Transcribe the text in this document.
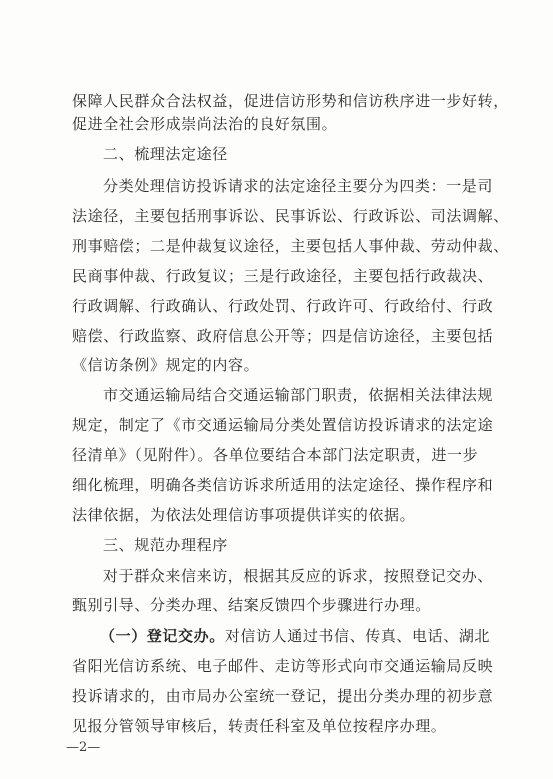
保障人民群众合法权益，促进信访形势和信访秩序进一步好转，
促进全社会形成崇尚法治的良好氛围。
二、梳理法定途径
分类处理信访投诉请求的法定途径主要分为四类：一是司
法途径，主要包括刑事诉讼、民事诉讼、行政诉讼、司法调解、
刑事赔偿；二是仲裁复议途径，主要包括人事仲裁、劳动仲裁、
民商事仲裁、行政复议；三是行政途径，主要包括行政裁决、
行政调解、行政确认、行政处罚、行政许可、行政给付、行政
赔偿、行政监察、政府信息公开等；四是信访途径，主要包括
《信访条例》规定的内容。
市交通运输局结合交通运输部门职责，依据相关法律法规
规定，制定了《市交通运输局分类处置信访投诉请求的法定途
径清单》（见附件）。各单位要结合本部门法定职责，进一步
细化梳理，明确各类信访诉求所适用的法定途径、操作程序和
法律依据，为依法处理信访事项提供详实的依据。
三、规范办理程序
对于群众来信来访，根据其反应的诉求，按照登记交办、
甄别引导、分类办理、结案反馈四个步骤进行办理。
（一）登记交办。对信访人通过书信、传真、电话、湖北
省阳光信访系统、电子邮件、走访等形式向市交通运输局反映
投诉请求的，由市局办公室统一登记，提出分类办理的初步意
见报分管领导审核后，转责任科室及单位按程序办理。
—2—
